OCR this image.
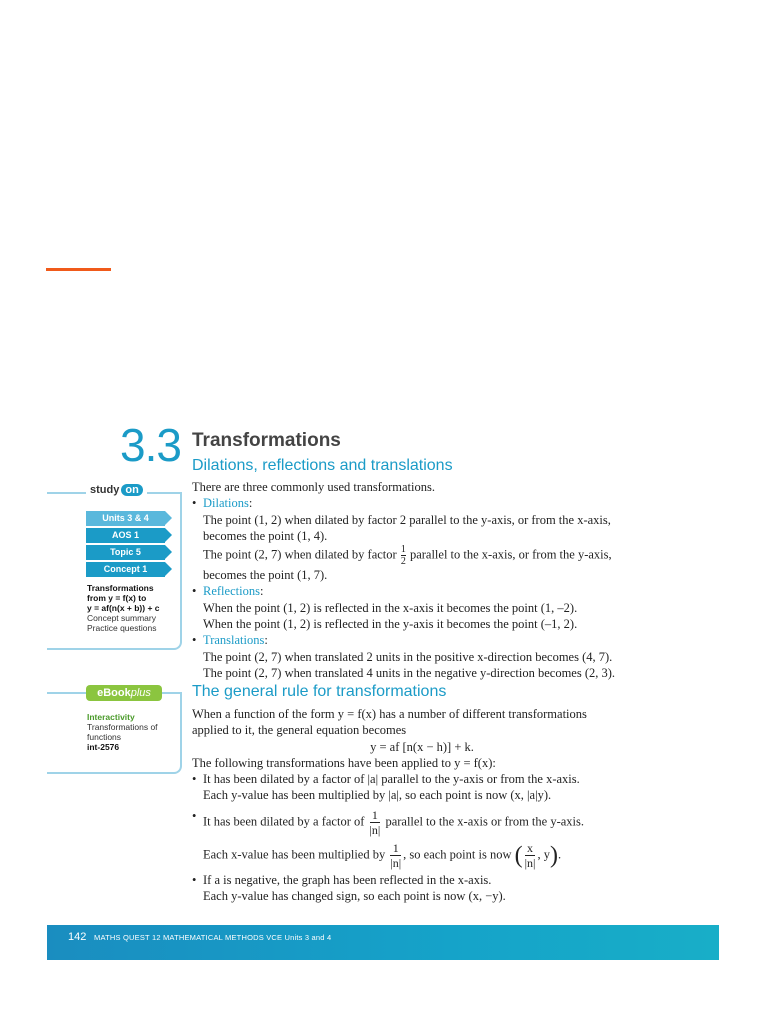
3.3 Transformations
Dilations, reflections and translations

There are three commonly used transformations.

• Dilations:

The point (1, 2) when dilated by factor 2 parallel to the y-axis, or from the x-axis,

becomes the point (1, 4).

The point (2, 7) when dilated by factor $\frac{1}{2}$ parallel to the x-axis, or from the y-axis,

becomes the point (1, 7).

• Reflections:

When the point (1, 2) is reflected in the x-axis it becomes the point (1, –2).

When the point (1, 2) is reflected in the y-axis it becomes the point (–1, 2).

• Translations:

The point (2, 7) when translated 2 units in the positive x-direction becomes (4, 7).

The point (2, 7) when translated 4 units in the negative y-direction becomes (2, 3).

The general rule for transformations

When a function of the form y = f(x) has a number of different transformations

applied to it, the general equation becomes

y = af [n(x − h)] + k.

The following transformations have been applied to y = f(x):

• It has been dilated by a factor of |a| parallel to the y-axis or from the x-axis.

Each y-value has been multiplied by |a|, so each point is now (x, |a|y).

• It has been dilated by a factor of $\frac{1}{|n|}$ parallel to the x-axis or from the y-axis.

Each x-value has been multiplied by $\frac{1}{|n|}$ , so each point is now ( $\frac{x}{|n|}$ , y).

• If a is negative, the graph has been reflected in the x-axis.

Each y-value has changed sign, so each point is now (x, −y).

study on
Units 3 & 4
AOS 1
Topic 5
Concept 1
Transformations
from y = f(x) to
y = af(n(x + b)) + c
Concept summary
Practice questions
eBookplus
Interactivity
Transformations of
functions
int-2576
142 MATHS QUEST 12 MATHEMATICAL METHODS VCE Units 3 and 4
